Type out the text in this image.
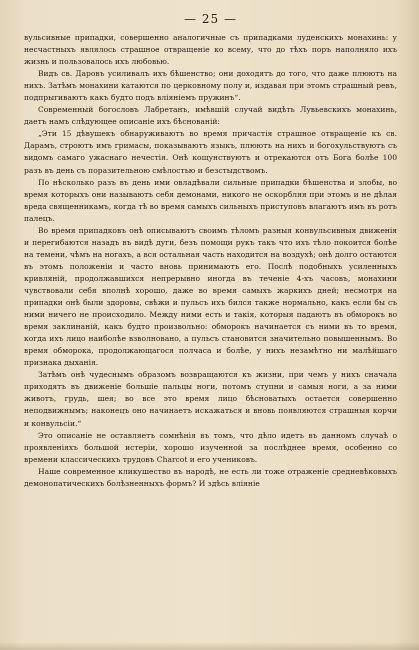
— 25 —

вульсивные припадки, совершенно аналогичные съ припадками луденскихъ монахинь: у несчастныхъ являлось страшное отвращеніе ко всему, что до тѣхъ поръ наполняло ихъ жизнь и пользовалось ихъ любовью.

Видъ св. Даровъ усиливалъ ихъ бѣшенство; они доходятъ до того, что даже плюютъ на нихъ. Затѣмъ монахини катаются по церковному полу и, издавая при этомъ страшный ревъ, подпрыгиваютъ какъ будто подъ вліяніемъ пружинъ“.

Современный богословъ Лабретанъ, имѣвшій случай видѣть Лувьевскихъ монахинь, даетъ намъ слѣдующее описаніе ихъ бѣснованій:

„Эти 15 дѣвушекъ обнаруживаютъ во время причастія страшное отвращеніе къ св. Дарамъ, строютъ имъ гримасы, показываютъ языкъ, плюютъ на нихъ и богохульствуютъ съ видомъ самаго ужаснаго нечестія. Онѣ кощунствуютъ и отрекаются отъ Бога болѣе 100 разъ въ день съ поразительною смѣлостью и безстыдствомъ.

По нѣсколько разъ въ день ими овладѣвали сильные припадки бѣшенства и злобы, во время которыхъ они называютъ себя демонами, никого не оскорбляя при этомъ и не дѣлая вреда священникамъ, когда тѣ во время самыхъ сильныхъ приступовъ влагаютъ имъ въ ротъ палецъ.

Во время припадковъ онѣ описываютъ своимъ тѣломъ разныя конвульсивныя движенія и перегибаются назадъ въ видѣ дуги, безъ помощи рукъ такъ что ихъ тѣло покоится болѣе на темени, чѣмъ на ногахъ, а вся остальная часть находится на воздухѣ; онѣ долго остаются въ этомъ положеніи и часто вновь принимаютъ его. Послѣ подобныхъ усиленныхъ кривляній, продолжавшихся непрерывно иногда въ теченіе 4-хъ часовъ, монахини чувствовали себя вполнѣ хорошо, даже во время самыхъ жаркихъ дней; несмотря на припадки онѣ были здоровы, свѣжи и пульсъ ихъ бился также нормально, какъ если бы съ ними ничего не происходило. Между ними есть и такія, которыя падаютъ въ обморокъ во время заклинаній, какъ будто произвольно: обморокъ начинается съ ними въ то время, когда ихъ лицо наиболѣе взволновано, а пульсъ становится значительно повышеннымъ. Во время обморока, продолжающагося полчаса и болѣе, у нихъ незамѣтно ни малѣйшаго признака дыханія.

Затѣмъ онѣ чудеснымъ образомъ возвращаются къ жизни, при чемъ у нихъ сначала приходятъ въ движеніе большіе пальцы ноги, потомъ ступни и самыя ноги, а за ними животъ, грудь, шея; во все это время лицо бѣсноватыхъ остается совершенно неподвижнымъ; наконецъ оно начинаетъ искажаться и вновь появляются страшныя корчи и конвульсіи.“

Это описаніе не оставляетъ сомнѣнія въ томъ, что дѣло идетъ въ данномъ случаѣ о проявленіяхъ большой истеріи, хорошо изученной за послѣднее время, особенно со времени классическихъ трудовъ Charcot и его учениковъ.

Наше современное кликушество въ народѣ, не есть ли тоже отраженіе средневѣковыхъ демонопатическихъ болѣзненныхъ формъ? И здѣсь вліяніе
